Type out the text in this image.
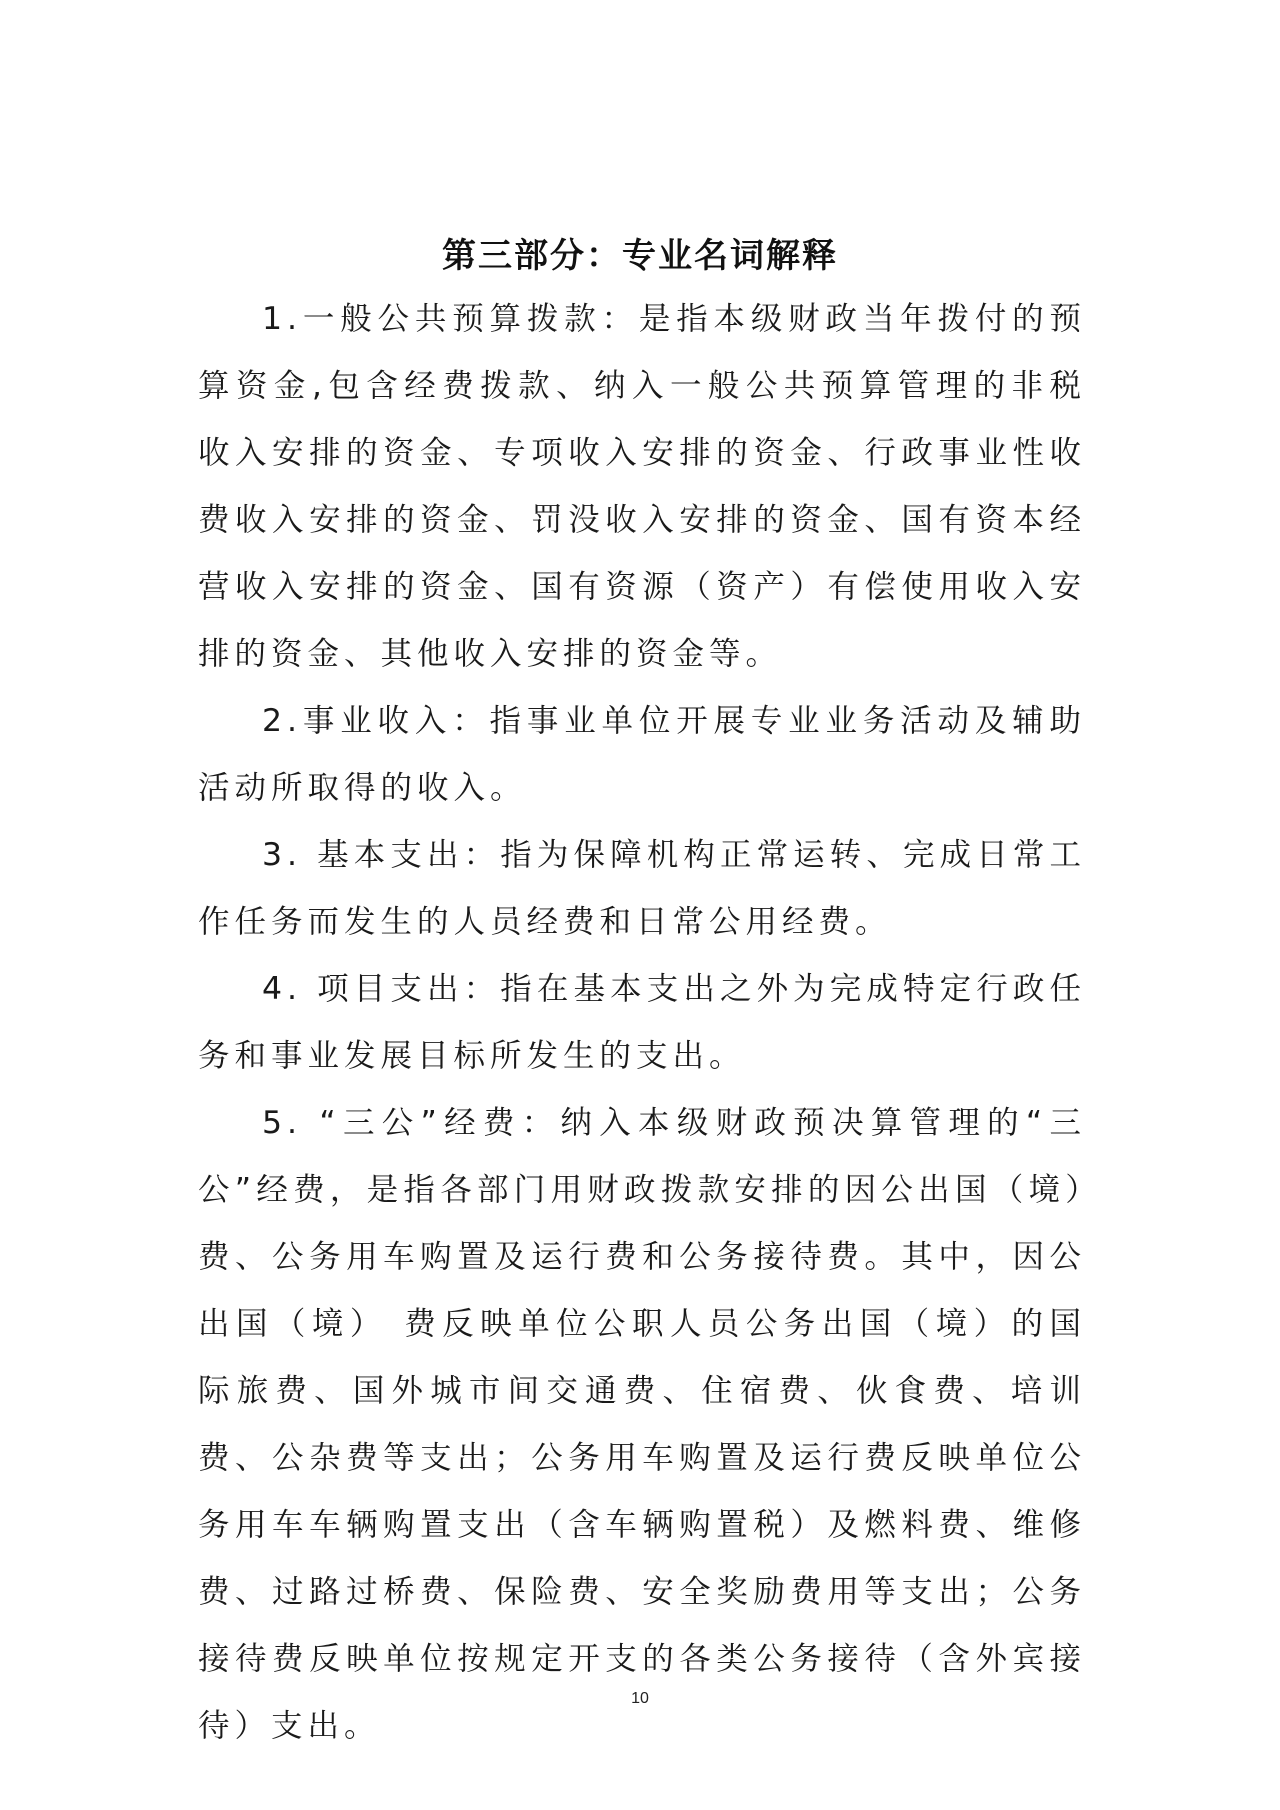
第三部分：专业名词解释

1.一般公共预算拨款：是指本级财政当年拨付的预算资金,包含经费拨款、纳入一般公共预算管理的非税收入安排的资金、专项收入安排的资金、行政事业性收费收入安排的资金、罚没收入安排的资金、国有资本经营收入安排的资金、国有资源（资产）有偿使用收入安排的资金、其他收入安排的资金等。

2.事业收入：指事业单位开展专业业务活动及辅助活动所取得的收入。

3. 基本支出：指为保障机构正常运转、完成日常工作任务而发生的人员经费和日常公用经费。

4. 项目支出：指在基本支出之外为完成特定行政任务和事业发展目标所发生的支出。

5. “三公”经费：纳入本级财政预决算管理的“三公”经费，是指各部门用财政拨款安排的因公出国（境）费、公务用车购置及运行费和公务接待费。其中，因公出国（境） 费反映单位公职人员公务出国（境）的国际旅费、国外城市间交通费、住宿费、伙食费、培训费、公杂费等支出；公务用车购置及运行费反映单位公务用车车辆购置支出（含车辆购置税）及燃料费、维修费、过路过桥费、保险费、安全奖励费用等支出；公务接待费反映单位按规定开支的各类公务接待（含外宾接待）支出。

10
